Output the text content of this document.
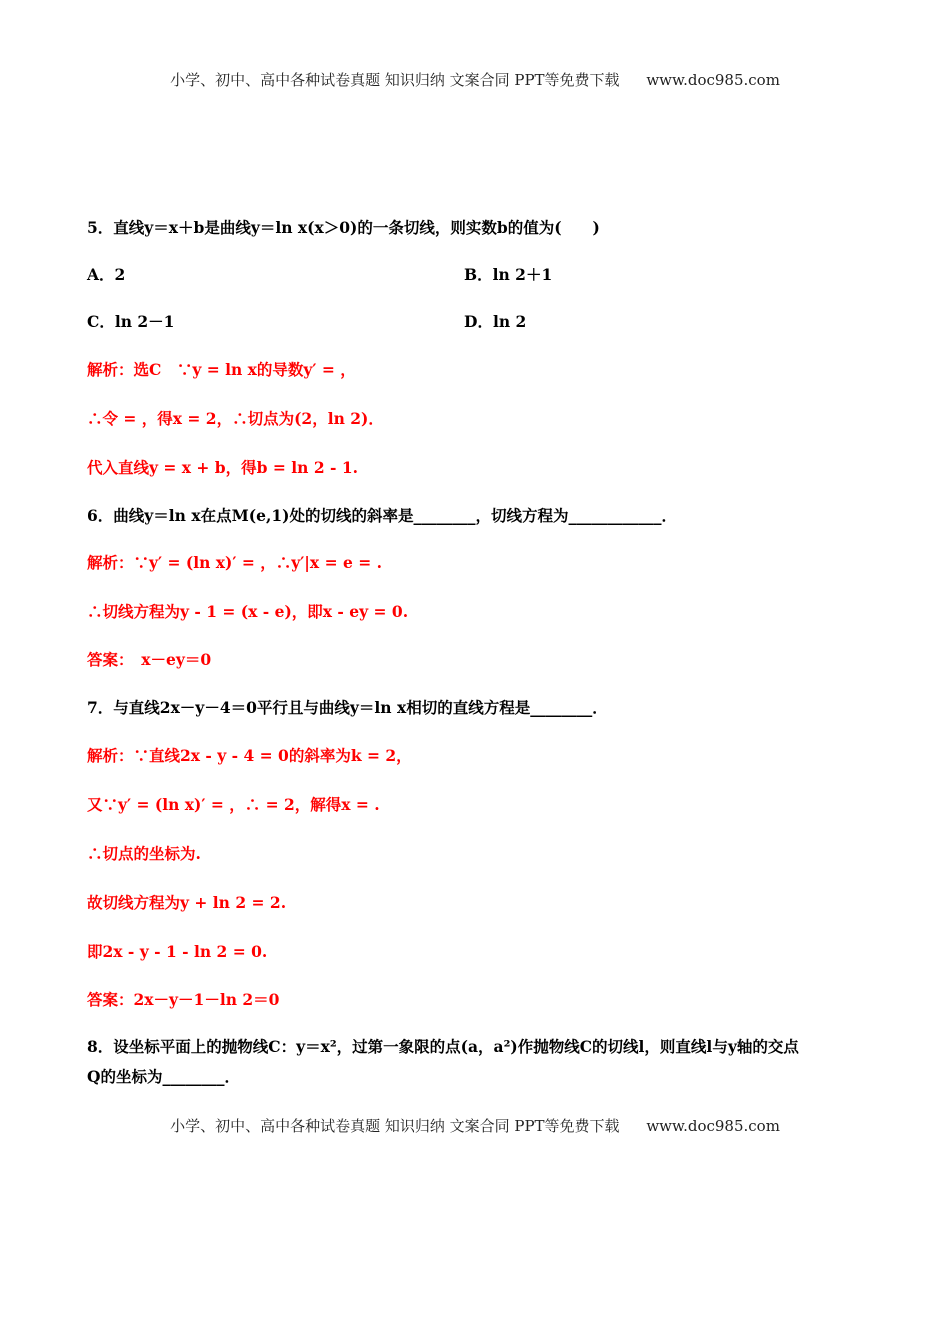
小学、初中、高中各种试卷真题 知识归纳 文案合同 PPT等免费下载 www.doc985.com
5．直线y＝x＋b是曲线y＝ln x(x＞0)的一条切线，则实数b的值为(　　)
A．2	B．ln 2＋1
C．ln 2－1	D．ln 2
解析：选C　∵y = ln x的导数y′ = ，
∴令 = ，得x = 2，∴切点为(2，ln 2)．
代入直线y = x + b，得b = ln 2 - 1.
6．曲线y＝ln x在点M(e,1)处的切线的斜率是________，切线方程为____________．
解析：∵y′ = (ln x)′ = ，∴y′|x = e = .
∴切线方程为y - 1 = (x - e)，即x - ey = 0.
答案：　x－ey＝0
7．与直线2x－y－4＝0平行且与曲线y＝ln x相切的直线方程是________．
解析：∵直线2x - y - 4 = 0的斜率为k = 2，
又∵y′ = (ln x)′ = ，∴ = 2，解得x = .
∴切点的坐标为.
故切线方程为y + ln 2 = 2.
即2x - y - 1 - ln 2 = 0.
答案：2x－y－1－ln 2＝0
8．设坐标平面上的抛物线C：y＝x²，过第一象限的点(a，a²)作抛物线C的切线l，则直线l与y轴的交点
Q的坐标为________．
小学、初中、高中各种试卷真题 知识归纳 文案合同 PPT等免费下载 www.doc985.com
